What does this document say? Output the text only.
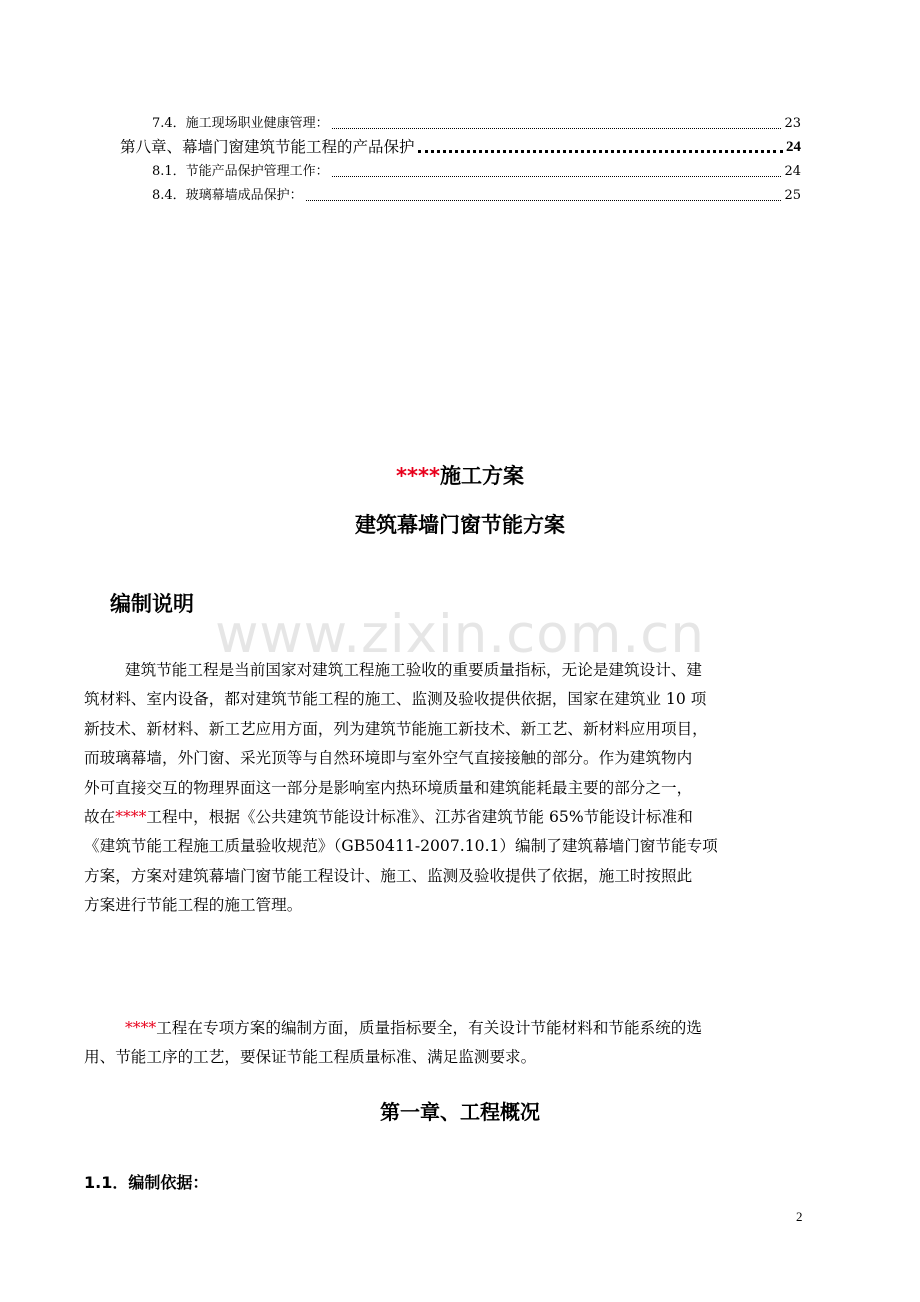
7.4．施工现场职业健康管理：	23
第八章、幕墙门窗建筑节能工程的产品保护	24
8.1．节能产品保护管理工作：	24
8.4．玻璃幕墙成品保护：	25
****施工方案
建筑幕墙门窗节能方案
www.zixin.com.cn
编制说明

建筑节能工程是当前国家对建筑工程施工验收的重要质量指标，无论是建筑设计、建
筑材料、室内设备，都对建筑节能工程的施工、监测及验收提供依据，国家在建筑业 10 项
新技术、新材料、新工艺应用方面，列为建筑节能施工新技术、新工艺、新材料应用项目，
而玻璃幕墙，外门窗、采光顶等与自然环境即与室外空气直接接触的部分。作为建筑物内
外可直接交互的物理界面这一部分是影响室内热环境质量和建筑能耗最主要的部分之一，
故在****工程中，根据《公共建筑节能设计标准》、江苏省建筑节能 65%节能设计标准和
《建筑节能工程施工质量验收规范》（GB50411-2007.10.1）编制了建筑幕墙门窗节能专项
方案，方案对建筑幕墙门窗节能工程设计、施工、监测及验收提供了依据，施工时按照此
方案进行节能工程的施工管理。

****工程在专项方案的编制方面，质量指标要全，有关设计节能材料和节能系统的选
用、节能工序的工艺，要保证节能工程质量标准、满足监测要求。

第一章、工程概况
1.1．编制依据：
2
